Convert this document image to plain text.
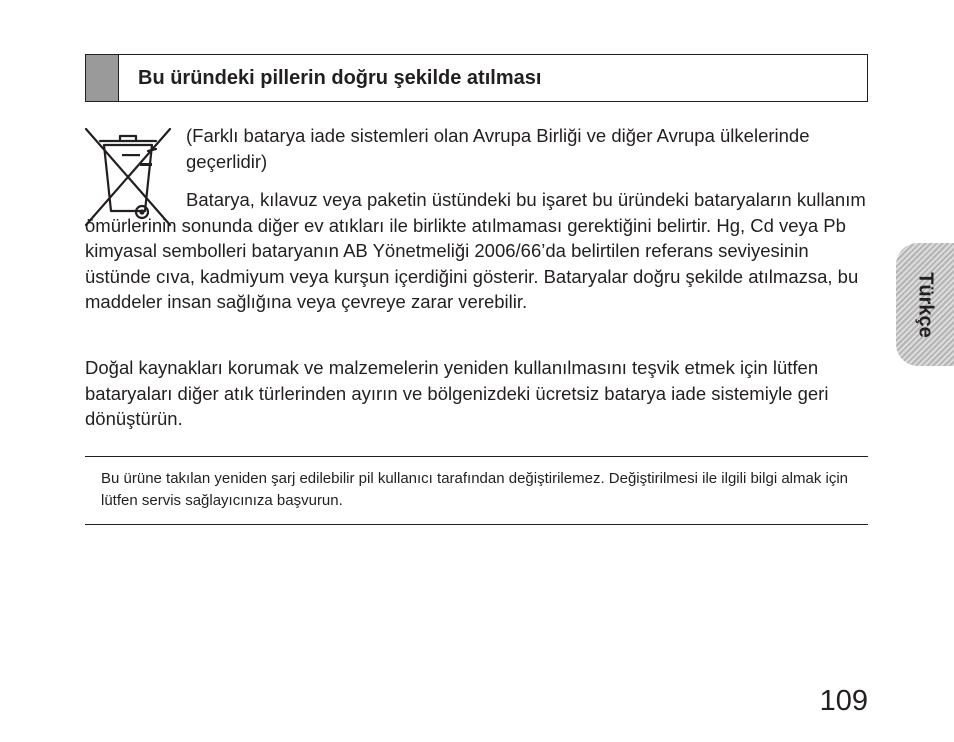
Bu üründeki pillerin doğru şekilde atılması

(Farklı batarya iade sistemleri olan Avrupa Birliği ve diğer Avrupa ülkelerinde geçerlidir)

Batarya, kılavuz veya paketin üstündeki bu işaret bu üründeki bataryaların kullanım ömürlerinin sonunda diğer ev atıkları ile birlikte atılmaması gerektiğini belirtir. Hg, Cd veya Pb kimyasal sembolleri bataryanın AB Yönetmeliği 2006/66’da belirtilen referans seviyesinin üstünde cıva, kadmiyum veya kurşun içerdiğini gösterir. Bataryalar doğru şekilde atılmazsa, bu maddeler insan sağlığına veya çevreye zarar verebilir.

Doğal kaynakları korumak ve malzemelerin yeniden kullanılmasını teşvik etmek için lütfen bataryaları diğer atık türlerinden ayırın ve bölgenizdeki ücretsiz batarya iade sistemiyle geri dönüştürün.

Bu ürüne takılan yeniden şarj edilebilir pil kullanıcı tarafından değiştirilemez. Değiştirilmesi ile ilgili bilgi almak için lütfen servis sağlayıcınıza başvurun.

Türkçe
109
